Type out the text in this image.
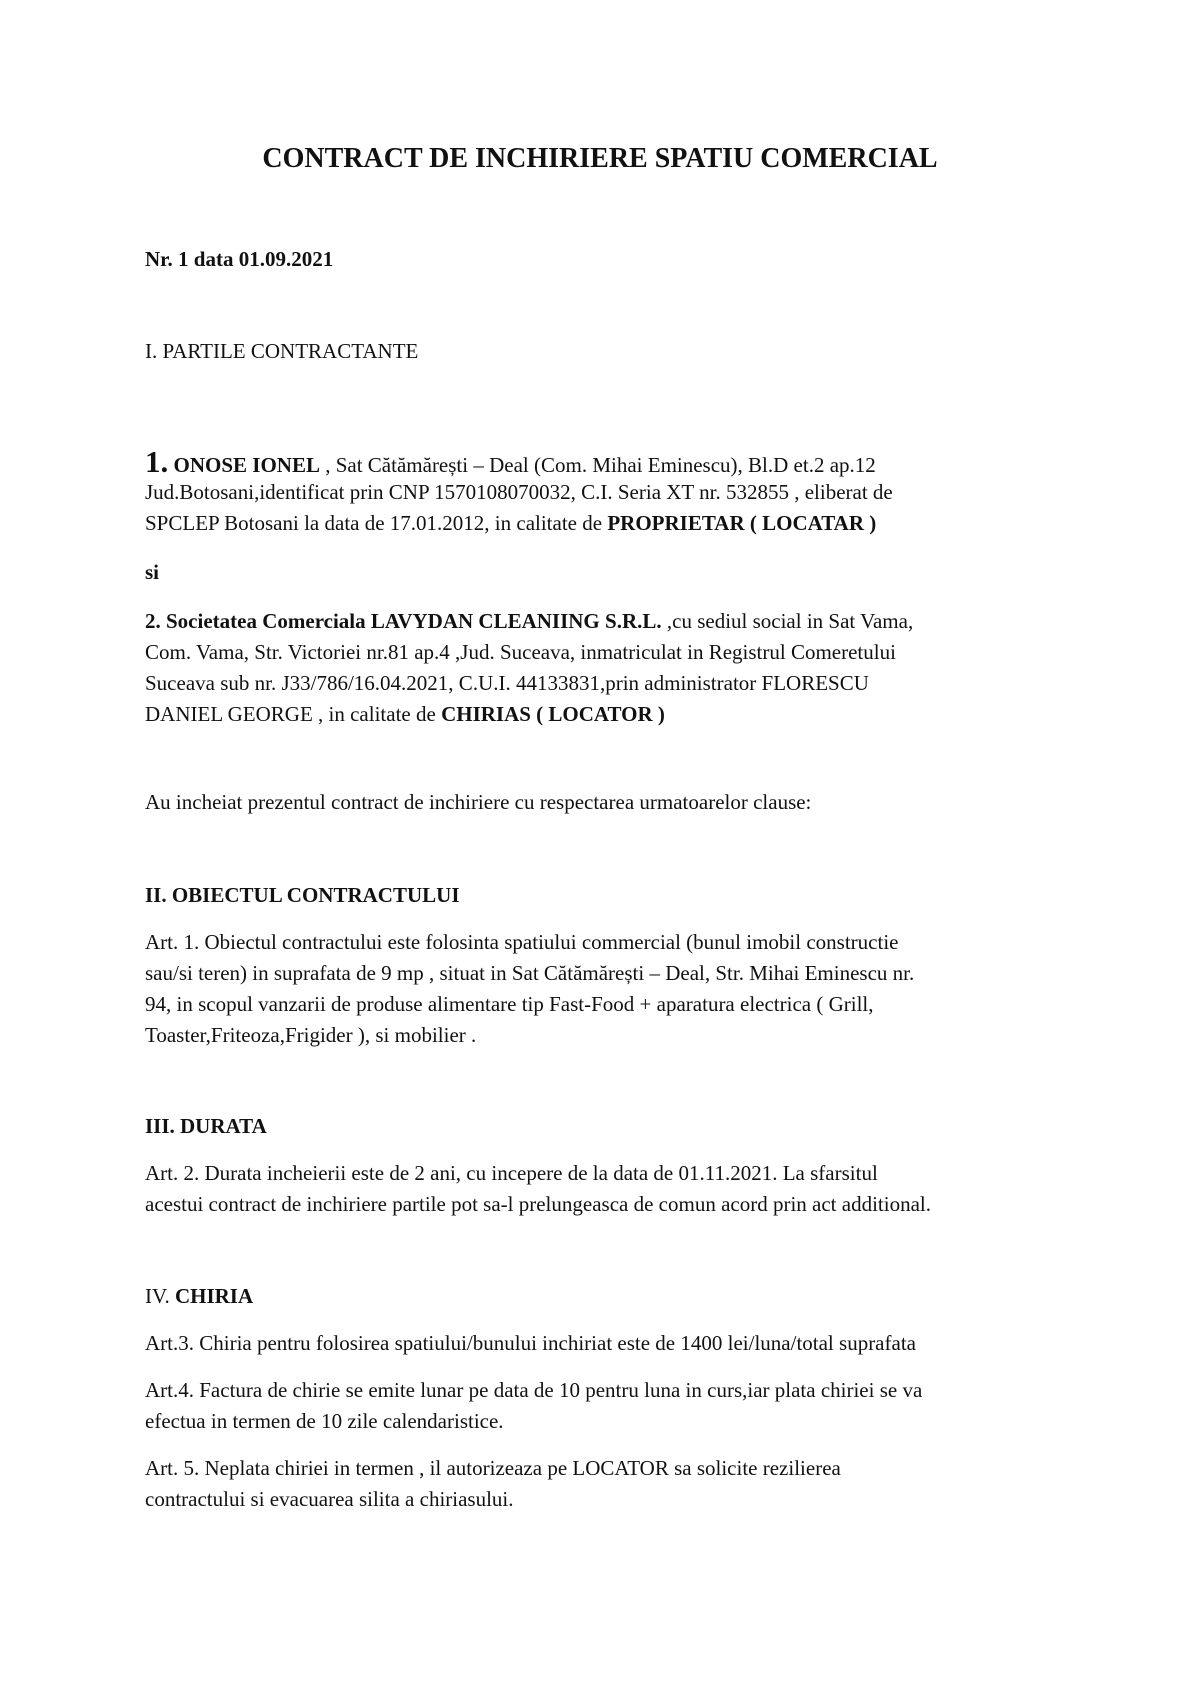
CONTRACT DE INCHIRIERE SPATIU COMERCIAL
Nr. 1 data 01.09.2021
I. PARTILE CONTRACTANTE
1. ONOSE IONEL , Sat Cătămărești – Deal (Com. Mihai Eminescu), Bl.D et.2 ap.12
Jud.Botosani,identificat prin CNP 1570108070032, C.I. Seria XT nr. 532855 , eliberat de
SPCLEP Botosani la data de 17.01.2012, in calitate de PROPRIETAR ( LOCATAR )
si
2. Societatea Comerciala LAVYDAN CLEANIING S.R.L. ,cu sediul social in Sat Vama,
Com. Vama, Str. Victoriei nr.81 ap.4 ,Jud. Suceava, inmatriculat in Registrul Comeretului
Suceava sub nr. J33/786/16.04.2021, C.U.I. 44133831,prin administrator FLORESCU
DANIEL GEORGE , in calitate de CHIRIAS ( LOCATOR )
Au incheiat prezentul contract de inchiriere cu respectarea urmatoarelor clause:
II. OBIECTUL CONTRACTULUI
Art. 1. Obiectul contractului este folosinta spatiului commercial (bunul imobil constructie
sau/si teren) in suprafata de 9 mp , situat in Sat Cătămărești – Deal, Str. Mihai Eminescu nr.
94, in scopul vanzarii de produse alimentare tip Fast-Food + aparatura electrica ( Grill,
Toaster,Friteoza,Frigider ), si mobilier .
III. DURATA
Art. 2. Durata incheierii este de 2 ani, cu incepere de la data de 01.11.2021. La sfarsitul
acestui contract de inchiriere partile pot sa-l prelungeasca de comun acord prin act additional.
IV. CHIRIA
Art.3. Chiria pentru folosirea spatiului/bunului inchiriat este de 1400 lei/luna/total suprafata
Art.4. Factura de chirie se emite lunar pe data de 10 pentru luna in curs,iar plata chiriei se va
efectua in termen de 10 zile calendaristice.
Art. 5. Neplata chiriei in termen , il autorizeaza pe LOCATOR sa solicite rezilierea
contractului si evacuarea silita a chiriasului.
